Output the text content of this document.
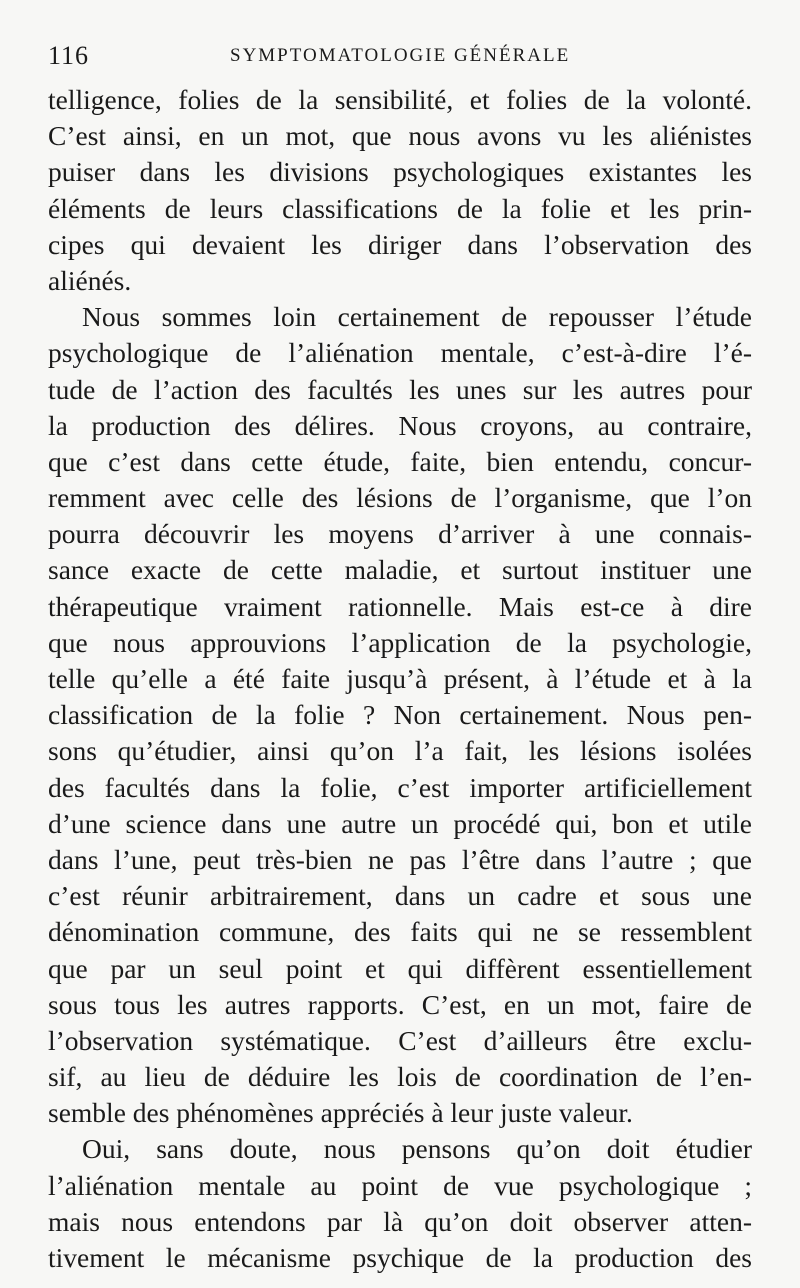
116	SYMPTOMATOLOGIE GÉNÉRALE
telligence, folies de la sensibilité, et folies de la volonté.
C’est ainsi, en un mot, que nous avons vu les aliénistes
puiser dans les divisions psychologiques existantes les
éléments de leurs classifications de la folie et les prin-
cipes qui devaient les diriger dans l’observation des
aliénés.
Nous sommes loin certainement de repousser l’étude
psychologique de l’aliénation mentale, c’est-à-dire l’é-
tude de l’action des facultés les unes sur les autres pour
la production des délires. Nous croyons, au contraire,
que c’est dans cette étude, faite, bien entendu, concur-
remment avec celle des lésions de l’organisme, que l’on
pourra découvrir les moyens d’arriver à une connais-
sance exacte de cette maladie, et surtout instituer une
thérapeutique vraiment rationnelle. Mais est-ce à dire
que nous approuvions l’application de la psychologie,
telle qu’elle a été faite jusqu’à présent, à l’étude et à la
classification de la folie ? Non certainement. Nous pen-
sons qu’étudier, ainsi qu’on l’a fait, les lésions isolées
des facultés dans la folie, c’est importer artificiellement
d’une science dans une autre un procédé qui, bon et utile
dans l’une, peut très-bien ne pas l’être dans l’autre ; que
c’est réunir arbitrairement, dans un cadre et sous une
dénomination commune, des faits qui ne se ressemblent
que par un seul point et qui diffèrent essentiellement
sous tous les autres rapports. C’est, en un mot, faire de
l’observation systématique. C’est d’ailleurs être exclu-
sif, au lieu de déduire les lois de coordination de l’en-
semble des phénomènes appréciés à leur juste valeur.
Oui, sans doute, nous pensons qu’on doit étudier
l’aliénation mentale au point de vue psychologique ;
mais nous entendons par là qu’on doit observer atten-
tivement le mécanisme psychique de la production des
